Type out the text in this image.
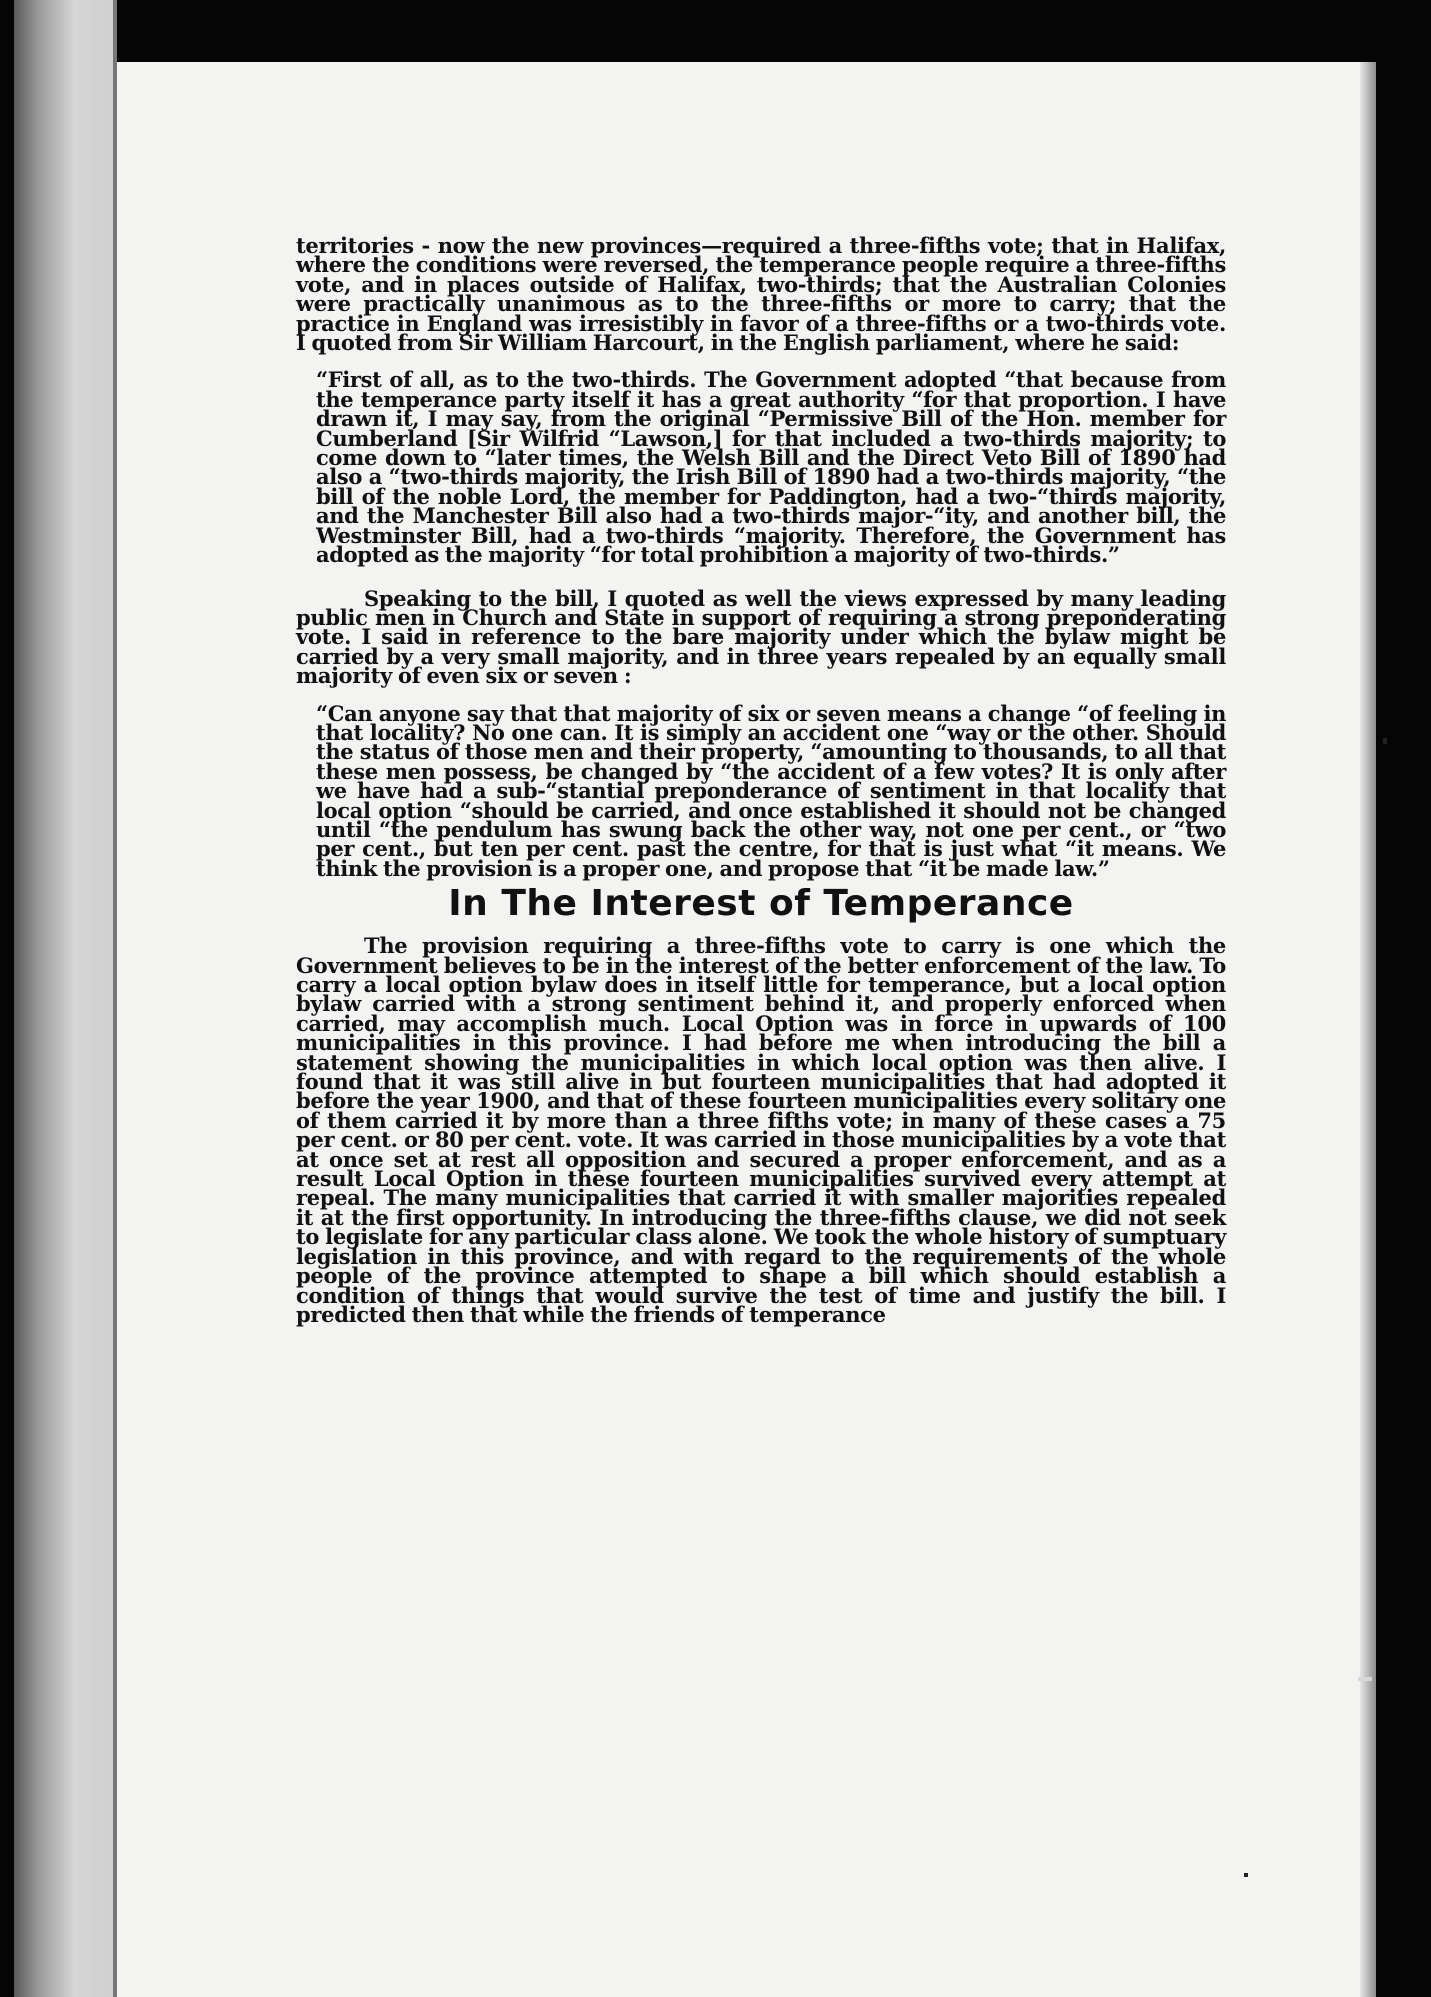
territories - now the new provinces—required a three-fifths vote; that in Halifax, where the conditions were reversed, the temperance people require a three-fifths vote, and in places outside of Halifax, two-thirds; that the Australian Colonies were practically unanimous as to the three-fifths or more to carry; that the practice in England was irresistibly in favor of a three-fifths or a two-thirds vote. I quoted from Sir William Harcourt, in the English parliament, where he said:

“First of all, as to the two-thirds. The Government adopted “that because from the temperance party itself it has a great authority “for that proportion. I have drawn it, I may say, from the original “Permissive Bill of the Hon. member for Cumberland [Sir Wilfrid “Lawson,] for that included a two-thirds majority; to come down to “later times, the Welsh Bill and the Direct Veto Bill of 1890 had also a “two-thirds majority, the Irish Bill of 1890 had a two-thirds majority, “the bill of the noble Lord, the member for Paddington, had a two-“thirds majority, and the Manchester Bill also had a two-thirds major-“ity, and another bill, the Westminster Bill, had a two-thirds “majority. Therefore, the Government has adopted as the majority “for total prohibition a majority of two-thirds.”

Speaking to the bill, I quoted as well the views expressed by many leading public men in Church and State in support of requiring a strong preponderating vote. I said in reference to the bare majority under which the bylaw might be carried by a very small majority, and in three years repealed by an equally small majority of even six or seven :

“Can anyone say that that majority of six or seven means a change “of feeling in that locality? No one can. It is simply an accident one “way or the other. Should the status of those men and their property, “amounting to thousands, to all that these men possess, be changed by “the accident of a few votes? It is only after we have had a sub-“stantial preponderance of sentiment in that locality that local option “should be carried, and once established it should not be changed until “the pendulum has swung back the other way, not one per cent., or “two per cent., but ten per cent. past the centre, for that is just what “it means. We think the provision is a proper one, and propose that “it be made law.”

In The Interest of Temperance

The provision requiring a three-fifths vote to carry is one which the Government believes to be in the interest of the better enforcement of the law. To carry a local option bylaw does in itself little for temperance, but a local option bylaw carried with a strong sentiment behind it, and properly enforced when carried, may accomplish much. Local Option was in force in upwards of 100 municipalities in this province. I had before me when introducing the bill a statement showing the municipalities in which local option was then alive. I found that it was still alive in but fourteen municipalities that had adopted it before the year 1900, and that of these fourteen municipalities every solitary one of them carried it by more than a three fifths vote; in many of these cases a 75 per cent. or 80 per cent. vote. It was carried in those municipalities by a vote that at once set at rest all opposition and secured a proper enforcement, and as a result Local Option in these fourteen municipalities survived every attempt at repeal. The many municipalities that carried it with smaller majorities repealed it at the first opportunity. In introducing the three-fifths clause, we did not seek to legislate for any particular class alone. We took the whole history of sumptuary legislation in this province, and with regard to the requirements of the whole people of the province attempted to shape a bill which should establish a condition of things that would survive the test of time and justify the bill. I predicted then that while the friends of temperance
